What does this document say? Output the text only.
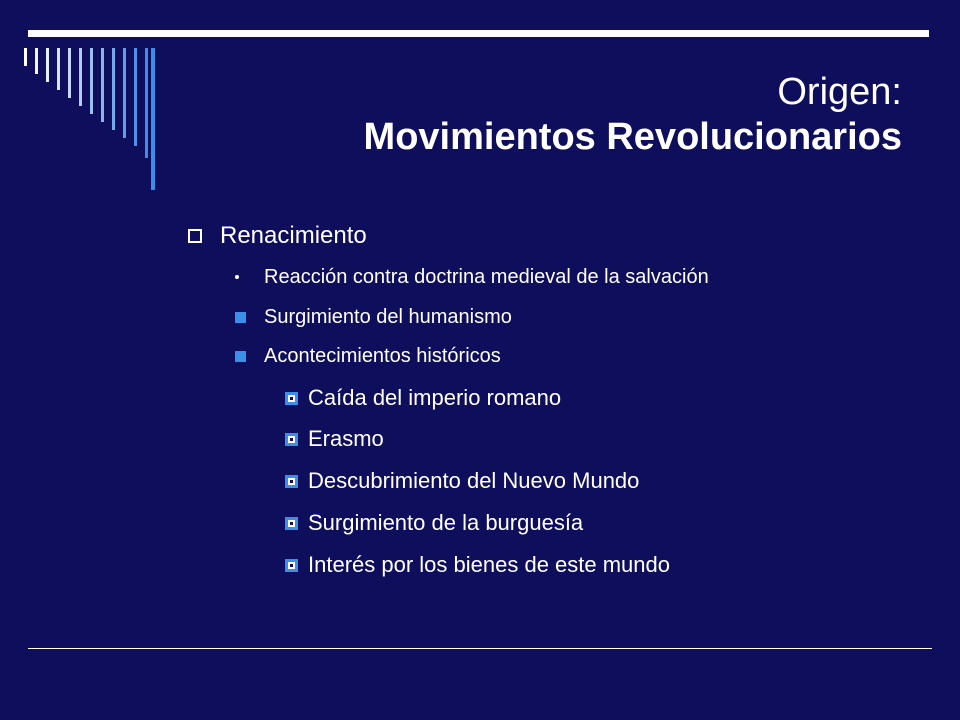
Origen:
Movimientos Revolucionarios
Renacimiento
Reacción contra doctrina medieval de la salvación
Surgimiento del humanismo
Acontecimientos históricos
Caída del imperio romano
Erasmo
Descubrimiento del Nuevo Mundo
Surgimiento de la burguesía
Interés por los bienes de este mundo
